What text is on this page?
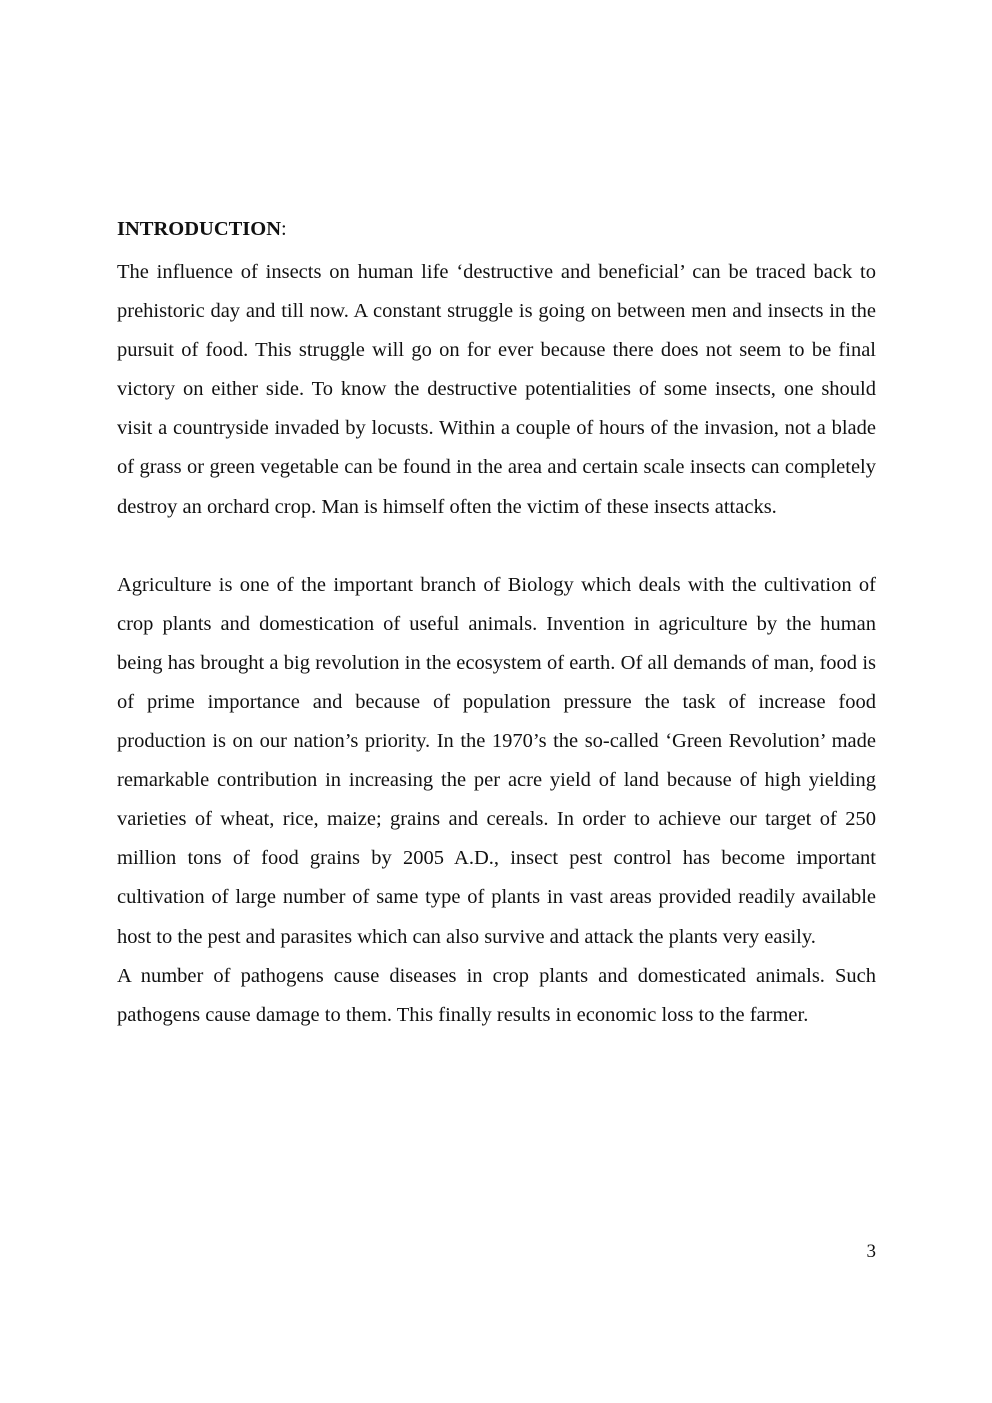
INTRODUCTION:

The influence of insects on human life ‘destructive and beneficial’ can be traced back to prehistoric day and till now. A constant struggle is going on between men and insects in the pursuit of food. This struggle will go on for ever because there does not seem to be final victory on either side. To know the destructive potentialities of some insects, one should visit a countryside invaded by locusts. Within a couple of hours of the invasion, not a blade of grass or green vegetable can be found in the area and certain scale insects can completely destroy an orchard crop. Man is himself often the victim of these insects attacks.

Agriculture is one of the important branch of Biology which deals with the cultivation of crop plants and domestication of useful animals. Invention in agriculture by the human being has brought a big revolution in the ecosystem of earth. Of all demands of man, food is of prime importance and because of population pressure the task of increase food production is on our nation’s priority. In the 1970’s the so-called ‘Green Revolution’ made remarkable contribution in increasing the per acre yield of land because of high yielding varieties of wheat, rice, maize; grains and cereals. In order to achieve our target of 250 million tons of food grains by 2005 A.D., insect pest control has become important cultivation of large number of same type of plants in vast areas provided readily available host to the pest and parasites which can also survive and attack the plants very easily.

A number of pathogens cause diseases in crop plants and domesticated animals. Such pathogens cause damage to them. This finally results in economic loss to the farmer.

3
